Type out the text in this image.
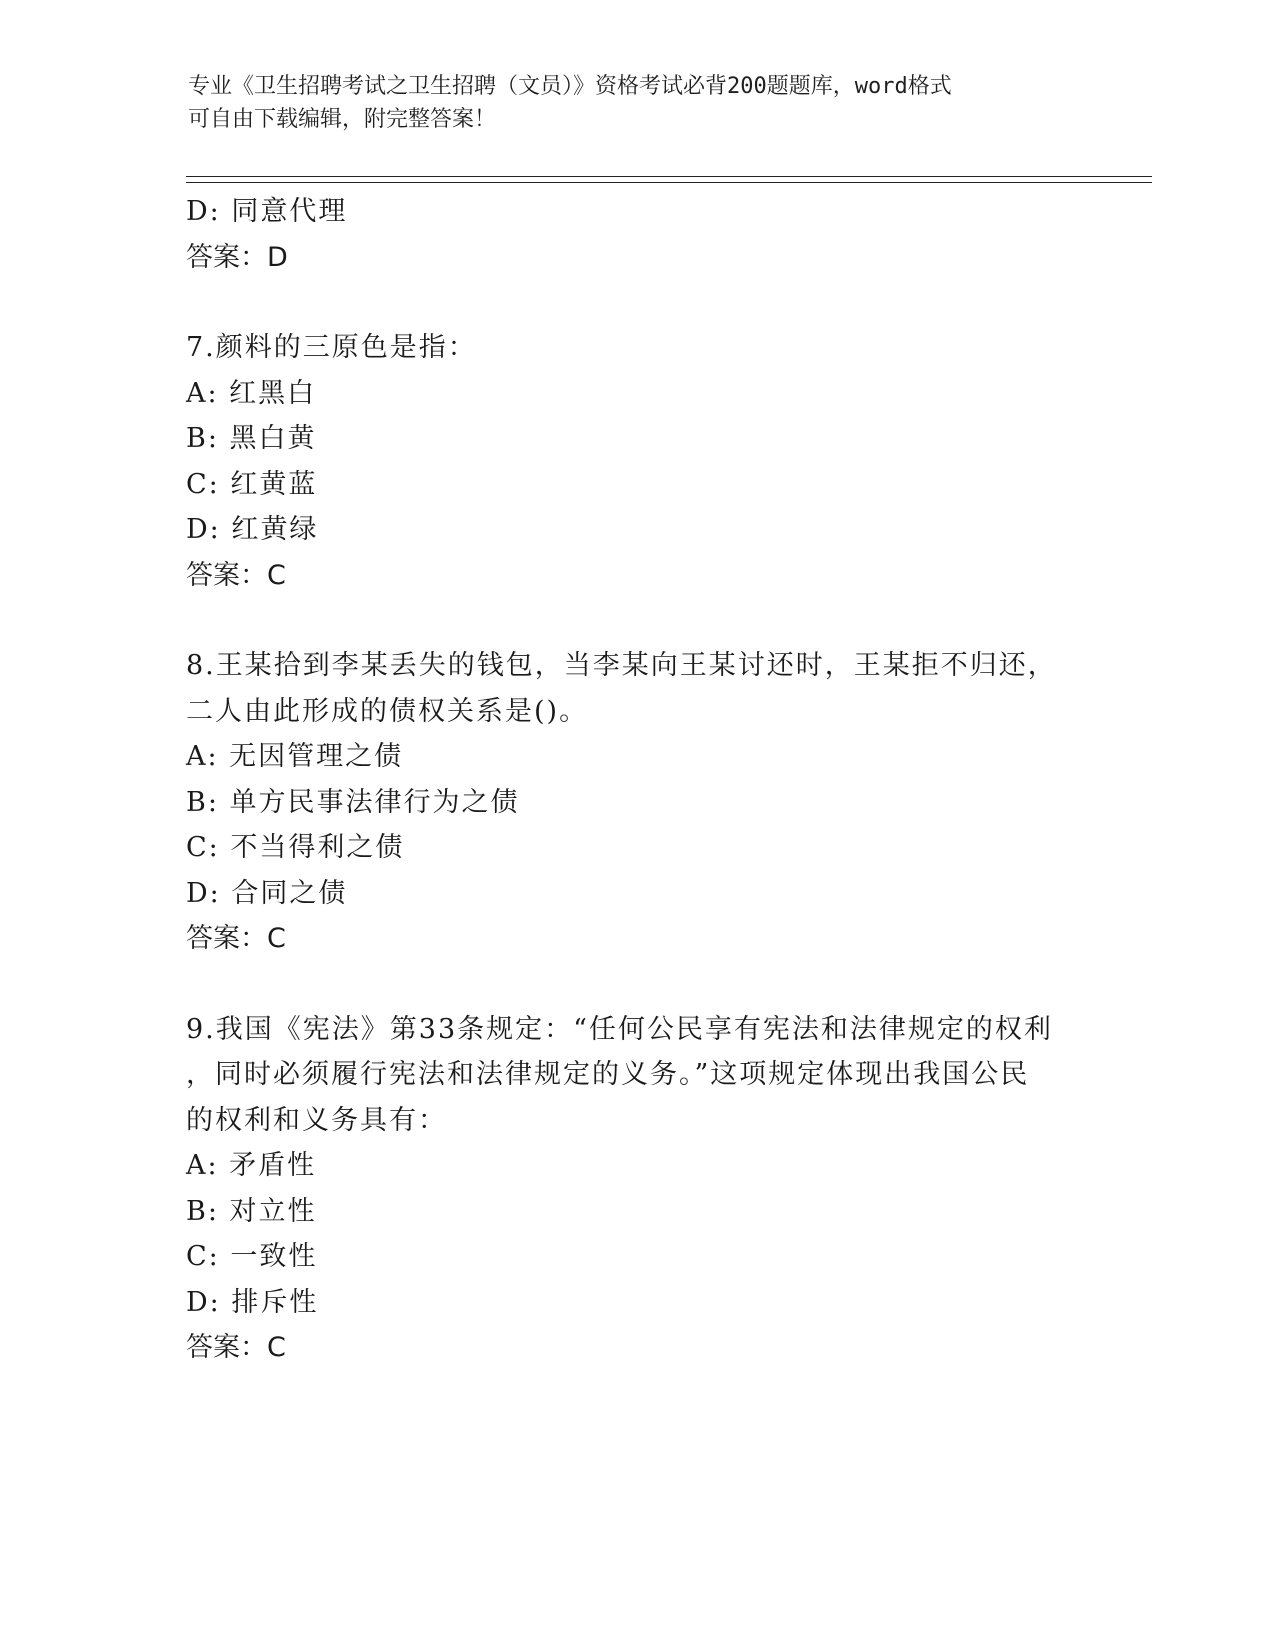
专业《卫生招聘考试之卫生招聘（文员）》资格考试必背200题题库，word格式
可自由下载编辑，附完整答案！
D: 同意代理
答案：D
7.颜料的三原色是指：
A: 红黑白
B: 黑白黄
C: 红黄蓝
D: 红黄绿
答案：C
8.王某拾到李某丢失的钱包，当李某向王某讨还时，王某拒不归还，
二人由此形成的债权关系是()。
A: 无因管理之债
B: 单方民事法律行为之债
C: 不当得利之债
D: 合同之债
答案：C
9.我国《宪法》第33条规定：“任何公民享有宪法和法律规定的权利
，同时必须履行宪法和法律规定的义务。”这项规定体现出我国公民
的权利和义务具有：
A: 矛盾性
B: 对立性
C: 一致性
D: 排斥性
答案：C
